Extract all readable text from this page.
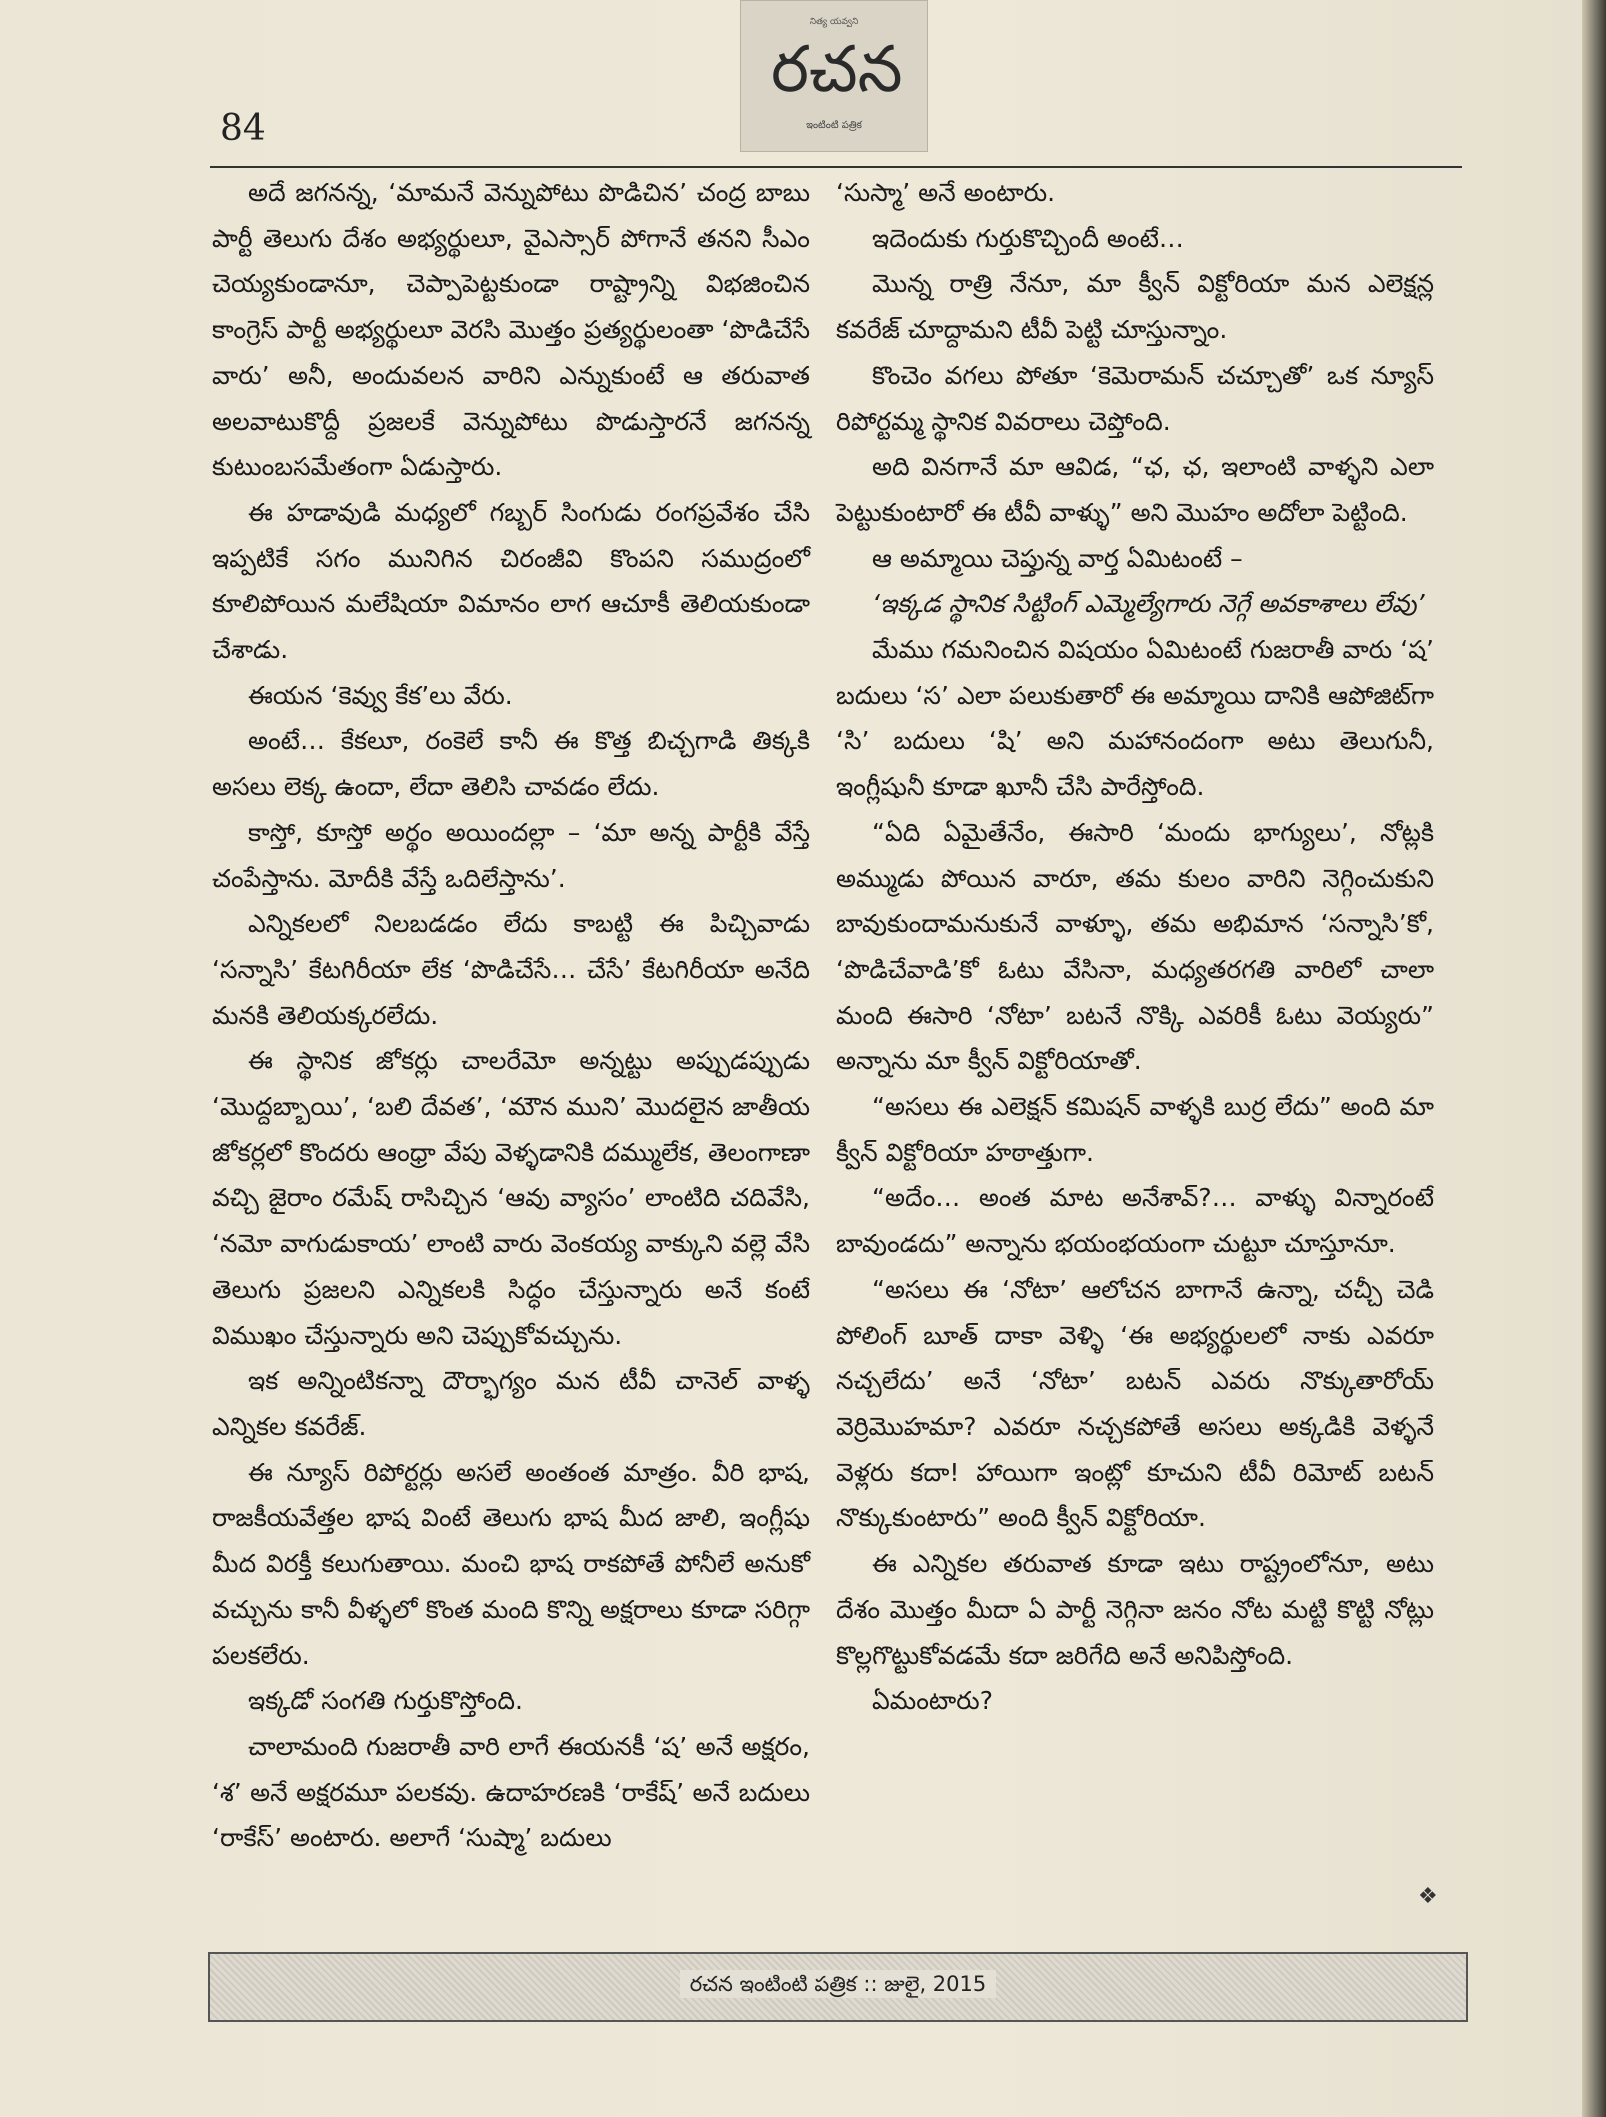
నిత్య యవ్వని
రచన
ఇంటింటి పత్రిక
84

అదే జగనన్న, ‘మామనే వెన్నుపోటు పొడిచిన’ చంద్ర బాబు పార్టీ తెలుగు దేశం అభ్యర్థులూ, వైఎస్సార్ పోగానే తనని సీఎం చెయ్యకుండానూ, చెప్పాపెట్టకుండా రాష్ట్రాన్ని విభజించిన కాంగ్రెస్ పార్టీ అభ్యర్థులూ వెరసి మొత్తం ప్రత్యర్థులంతా ‘పొడిచేసే వారు’ అనీ, అందువలన వారిని ఎన్నుకుంటే ఆ తరువాత అలవాటుకొద్దీ ప్రజలకే వెన్నుపోటు పొడుస్తారనే జగనన్న కుటుంబసమేతంగా ఏడుస్తారు.

ఈ హడావుడి మధ్యలో గబ్బర్ సింగుడు రంగప్రవేశం చేసి ఇప్పటికే సగం మునిగిన చిరంజీవి కొంపని సముద్రంలో కూలిపోయిన మలేషియా విమానం లాగ ఆచూకీ తెలియకుండా చేశాడు.

ఈయన ‘కెవ్వు కేక’లు వేరు.

అంటే… కేకలూ, రంకెలే కానీ ఈ కొత్త బిచ్చగాడి తిక్కకి అసలు లెక్క ఉందా, లేదా తెలిసి చావడం లేదు.

కాస్తో, కూస్తో అర్థం అయిందల్లా – ‘మా అన్న పార్టీకి వేస్తే చంపేస్తాను. మోదీకి వేస్తే ఒదిలేస్తాను’.

ఎన్నికలలో నిలబడడం లేదు కాబట్టి ఈ పిచ్చివాడు ‘సన్నాసి’ కేటగిరీయా లేక ‘పొడిచేసే… చేసే’ కేటగిరీయా అనేది మనకి తెలియక్కరలేదు.

ఈ స్థానిక జోకర్లు చాలరేమో అన్నట్టు అప్పుడప్పుడు ‘మొద్దబ్బాయి’, ‘బలి దేవత’, ‘మౌన ముని’ మొదలైన జాతీయ జోకర్లలో కొందరు ఆంధ్రా వేపు వెళ్ళడానికి దమ్ములేక, తెలంగాణా వచ్చి జైరాం రమేష్ రాసిచ్చిన ‘ఆవు వ్యాసం’ లాంటిది చదివేసి, ‘నమో వాగుడుకాయ’ లాంటి వారు వెంకయ్య వాక్కుని వల్లె వేసి తెలుగు ప్రజలని ఎన్నికలకి సిద్ధం చేస్తున్నారు అనే కంటే విముఖం చేస్తున్నారు అని చెప్పుకోవచ్చును.

ఇక అన్నింటికన్నా దౌర్భాగ్యం మన టీవీ చానెల్ వాళ్ళ ఎన్నికల కవరేజ్.

ఈ న్యూస్ రిపోర్టర్లు అసలే అంతంత మాత్రం. వీరి భాష, రాజకీయవేత్తల భాష వింటే తెలుగు భాష మీద జాలి, ఇంగ్లీషు మీద విరక్తీ కలుగుతాయి. మంచి భాష రాకపోతే పోనీలే అనుకో వచ్చును కానీ వీళ్ళలో కొంత మంది కొన్ని అక్షరాలు కూడా సరిగ్గా పలకలేరు.

ఇక్కడో సంగతి గుర్తుకొస్తోంది.

చాలామంది గుజరాతీ వారి లాగే ఈయనకీ ‘ష’ అనే అక్షరం, ‘శ’ అనే అక్షరమూ పలకవు. ఉదాహరణకి ‘రాకేష్’ అనే బదులు ‘రాకేస్’ అంటారు. అలాగే ‘సుష్మా’ బదులు

‘సుస్మా’ అనే అంటారు.

ఇదెందుకు గుర్తుకొచ్చిందీ అంటే…

మొన్న రాత్రి నేనూ, మా క్వీన్ విక్టోరియా మన ఎలెక్షన్ల కవరేజ్ చూద్దామని టీవీ పెట్టి చూస్తున్నాం.

కొంచెం వగలు పోతూ ‘కెమెరామన్ చచ్చూతో’ ఒక న్యూస్ రిపోర్టమ్మ స్థానిక వివరాలు చెప్తోంది.

అది వినగానే మా ఆవిడ, “ఛ, ఛ, ఇలాంటి వాళ్ళని ఎలా పెట్టుకుంటారో ఈ టీవీ వాళ్ళు” అని మొహం అదోలా పెట్టింది.

ఆ అమ్మాయి చెప్తున్న వార్త ఏమిటంటే –

‘ఇక్కడ స్థానిక సిట్టింగ్ ఎమ్మెల్యేగారు నెగ్గే అవకాశాలు లేవు’

మేము గమనించిన విషయం ఏమిటంటే గుజరాతీ వారు ‘ష’ బదులు ‘స’ ఎలా పలుకుతారో ఈ అమ్మాయి దానికి ఆపోజిట్‌గా ‘సి’ బదులు ‘షి’ అని మహానందంగా అటు తెలుగునీ, ఇంగ్లీషునీ కూడా ఖూనీ చేసి పారేస్తోంది.

“ఏది ఏమైతేనేం, ఈసారి ‘మందు భాగ్యులు’, నోట్లకి అమ్ముడు పోయిన వారూ, తమ కులం వారిని నెగ్గించుకుని బావుకుందామనుకునే వాళ్ళూ, తమ అభిమాన ‘సన్నాసి’కో, ‘పొడిచేవాడి’కో ఓటు వేసినా, మధ్యతరగతి వారిలో చాలా మంది ఈసారి ‘నోటా’ బటనే నొక్కి ఎవరికీ ఓటు వెయ్యరు” అన్నాను మా క్వీన్ విక్టోరియాతో.

“అసలు ఈ ఎలెక్షన్ కమిషన్ వాళ్ళకి బుర్ర లేదు” అంది మా క్వీన్ విక్టోరియా హఠాత్తుగా.

“అదేం… అంత మాట అనేశావ్?… వాళ్ళు విన్నారంటే బావుండదు” అన్నాను భయంభయంగా చుట్టూ చూస్తూనూ.

“అసలు ఈ ‘నోటా’ ఆలోచన బాగానే ఉన్నా, చచ్చీ చెడి పోలింగ్ బూత్ దాకా వెళ్ళి ‘ఈ అభ్యర్థులలో నాకు ఎవరూ నచ్చలేదు’ అనే ‘నోటా’ బటన్ ఎవరు నొక్కుతారోయ్ వెర్రిమొహమా? ఎవరూ నచ్చకపోతే అసలు అక్కడికి వెళ్ళనే వెళ్లరు కదా! హాయిగా ఇంట్లో కూచుని టీవీ రిమోట్ బటన్ నొక్కుకుంటారు” అంది క్వీన్ విక్టోరియా.

ఈ ఎన్నికల తరువాత కూడా ఇటు రాష్ట్రంలోనూ, అటు దేశం మొత్తం మీదా ఏ పార్టీ నెగ్గినా జనం నోట మట్టి కొట్టి నోట్లు కొల్లగొట్టుకోవడమే కదా జరిగేది అనే అనిపిస్తోంది.

ఏమంటారు?

❖
రచన ఇంటింటి పత్రిక :: జులై, 2015
